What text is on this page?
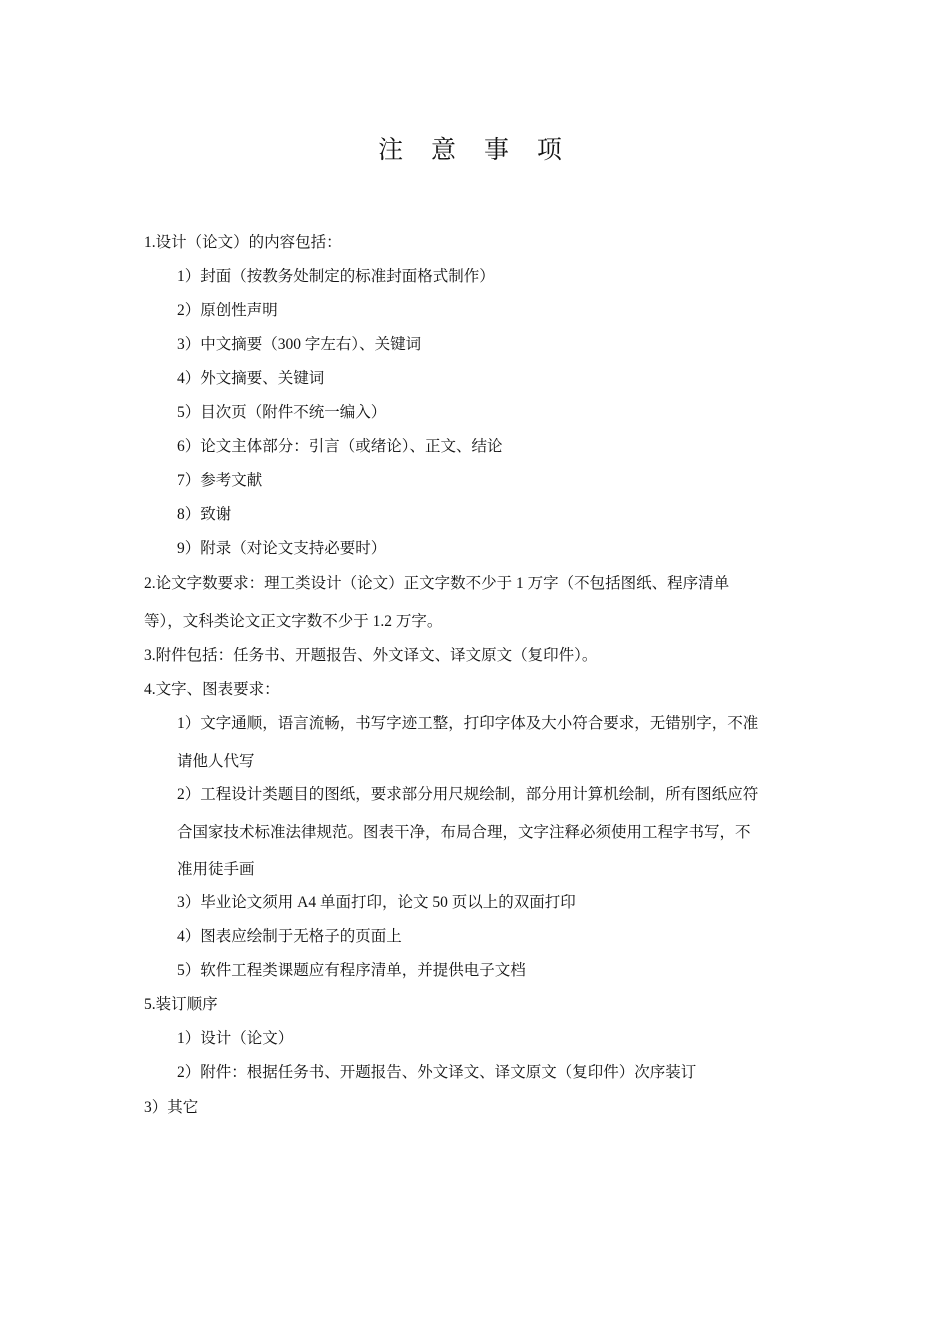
注 意 事 项
1.设计（论文）的内容包括：
1）封面（按教务处制定的标准封面格式制作）
2）原创性声明
3）中文摘要（300 字左右）、关键词
4）外文摘要、关键词
5）目次页（附件不统一编入）
6）论文主体部分：引言（或绪论）、正文、结论
7）参考文献
8）致谢
9）附录（对论文支持必要时）
2.论文字数要求：理工类设计（论文）正文字数不少于 1 万字（不包括图纸、程序清单
等），文科类论文正文字数不少于 1.2 万字。
3.附件包括：任务书、开题报告、外文译文、译文原文（复印件）。
4.文字、图表要求：
1）文字通顺，语言流畅，书写字迹工整，打印字体及大小符合要求，无错别字，不准
请他人代写
2）工程设计类题目的图纸，要求部分用尺规绘制，部分用计算机绘制，所有图纸应符
合国家技术标准法律规范。图表干净，布局合理，文字注释必须使用工程字书写，不
准用徒手画
3）毕业论文须用 A4 单面打印，论文 50 页以上的双面打印
4）图表应绘制于无格子的页面上
5）软件工程类课题应有程序清单，并提供电子文档
5.装订顺序
1）设计（论文）
2）附件：根据任务书、开题报告、外文译文、译文原文（复印件）次序装订
3）其它
